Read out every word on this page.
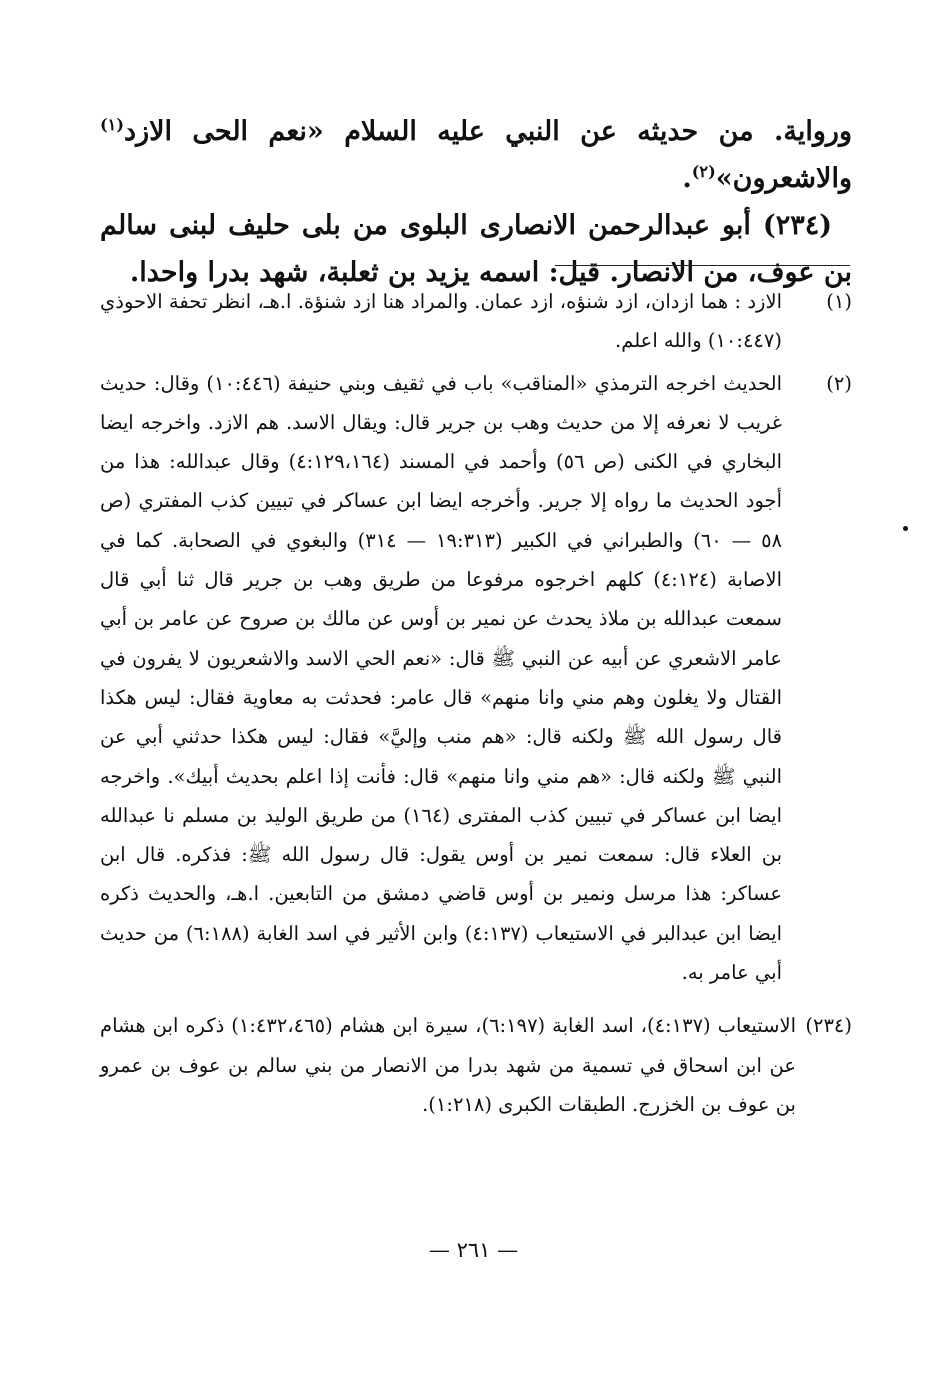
ورواية. من حديثه عن النبي عليه السلام «نعم الحى الازد$^{(١)}$ والاشعرون»$^{(٢)}$.

(٢٣٤) أبو عبدالرحمن الانصارى البلوى من بلى حليف لبنى سالم بن عوف، من الانصار. قيل: اسمه يزيد بن ثعلبة، شهد بدرا واحدا.

(١)
الازد : هما ازدان، ازد شنؤه، ازد عمان. والمراد هنا ازد شنؤة. ا.هـ، انظر تحفة الاحوذي (١٠:٤٤٧) والله اعلم.
(٢)
الحديث اخرجه الترمذي «المناقب» باب في ثقيف وبني حنيفة (١٠:٤٤٦) وقال: حديث غريب لا نعرفه إلا من حديث وهب بن جرير قال: ويقال الاسد. هم الازد. واخرجه ايضا البخاري في الكنى (ص ٥٦) وأحمد في المسند (٤:١٢٩،١٦٤) وقال عبدالله: هذا من أجود الحديث ما رواه إلا جرير. وأخرجه ايضا ابن عساكر في تبيين كذب المفتري (ص ٥٨ — ٦٠) والطبراني في الكبير (١٩:٣١٣ — ٣١٤) والبغوي في الصحابة. كما في الاصابة (٤:١٢٤) كلهم اخرجوه مرفوعا من طريق وهب بن جرير قال ثنا أبي قال سمعت عبدالله بن ملاذ يحدث عن نمير بن أوس عن مالك بن صروح عن عامر بن أبي عامر الاشعري عن أبيه عن النبي ﷺ قال: «نعم الحي الاسد والاشعريون لا يفرون في القتال ولا يغلون وهم مني وانا منهم» قال عامر: فحدثت به معاوية فقال: ليس هكذا قال رسول الله ﷺ ولكنه قال: «هم منب وإليَّ» فقال: ليس هكذا حدثني أبي عن النبي ﷺ ولكنه قال: «هم مني وانا منهم» قال: فأنت إذا اعلم بحديث أبيك». واخرجه ايضا ابن عساكر في تبيين كذب المفترى (١٦٤) من طريق الوليد بن مسلم نا عبدالله بن العلاء قال: سمعت نمير بن أوس يقول: قال رسول الله ﷺ: فذكره. قال ابن عساكر: هذا مرسل ونمير بن أوس قاضي دمشق من التابعين. ا.هـ، والحديث ذكره ايضا ابن عبدالبر في الاستيعاب (٤:١٣٧) وابن الأثير في اسد الغابة (٦:١٨٨) من حديث أبي عامر به.
(٢٣٤)
الاستيعاب (٤:١٣٧)، اسد الغابة (٦:١٩٧)، سيرة ابن هشام (١:٤٣٢،٤٦٥) ذكره ابن هشام عن ابن اسحاق في تسمية من شهد بدرا من الانصار من بني سالم بن عوف بن عمرو بن عوف بن الخزرج. الطبقات الكبرى (١:٢١٨).
— ٢٦١ —
